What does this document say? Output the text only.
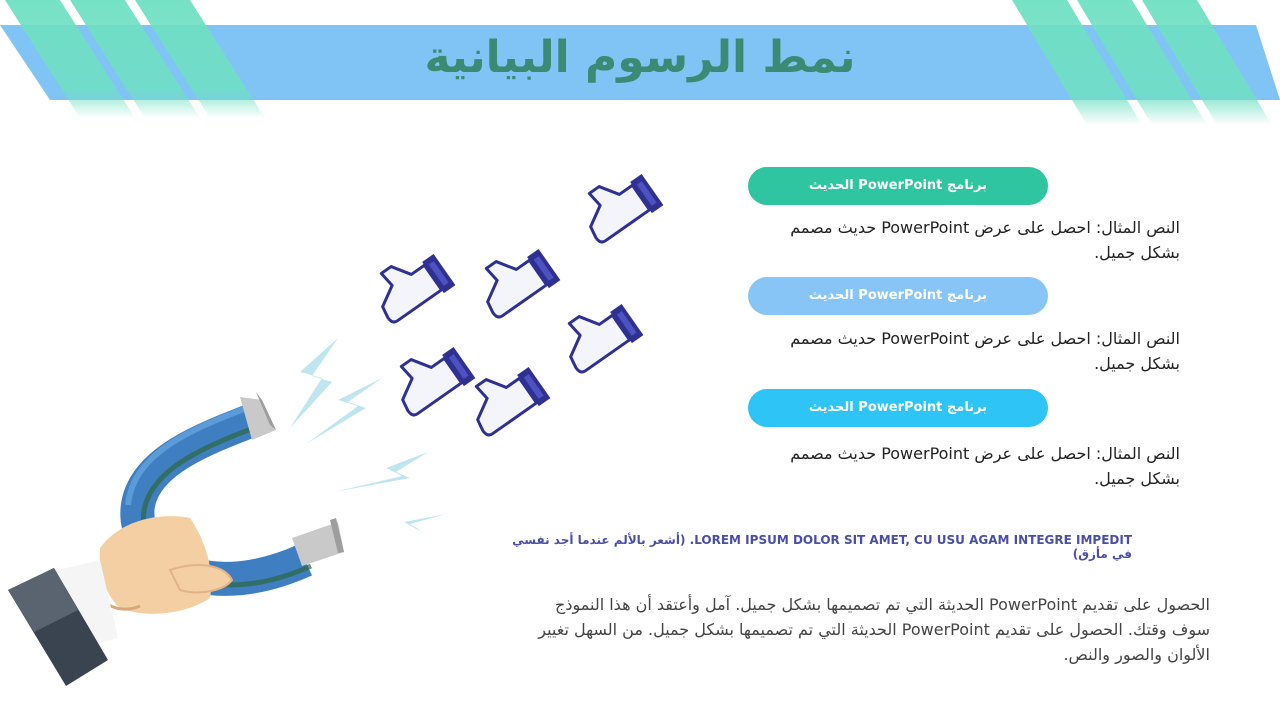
نمط الرسوم البيانية
برنامج PowerPoint الحديث
النص المثال: احصل على عرض PowerPoint حديث مصمم بشكل جميل.
برنامج PowerPoint الحديث
النص المثال: احصل على عرض PowerPoint حديث مصمم بشكل جميل.
برنامج PowerPoint الحديث
النص المثال: احصل على عرض PowerPoint حديث مصمم بشكل جميل.
LOREM IPSUM DOLOR SIT AMET, CU USU AGAM INTEGRE IMPEDIT. (أشعر بالألم عندما أجد نفسي في مأزق)
الحصول على تقديم PowerPoint الحديثة التي تم تصميمها بشكل جميل. آمل وأعتقد أن هذا النموذج سوف وقتك. الحصول على تقديم PowerPoint الحديثة التي تم تصميمها بشكل جميل. من السهل تغيير الألوان والصور والنص.
